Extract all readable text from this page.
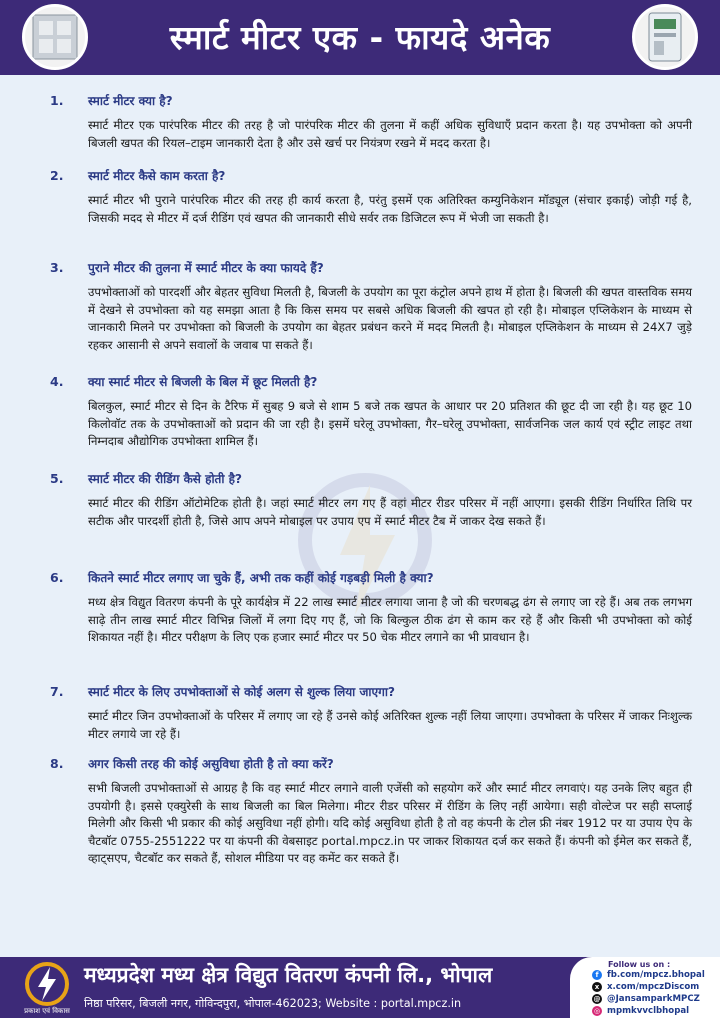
स्मार्ट मीटर एक - फायदे अनेक
1.	स्मार्ट मीटर क्या है?
स्मार्ट मीटर एक पारंपरिक मीटर की तरह है जो पारंपरिक मीटर की तुलना में कहीं अधिक सुविधाएँ प्रदान करता है। यह उपभोक्ता को अपनी बिजली खपत की रियल–टाइम जानकारी देता है और उसे खर्च पर नियंत्रण रखने में मदद करता है।
2.	स्मार्ट मीटर कैसे काम करता है?
स्मार्ट मीटर भी पुराने पारंपरिक मीटर की तरह ही कार्य करता है, परंतु इसमें एक अतिरिक्त कम्युनिकेशन मॉड्यूल (संचार इकाई) जोड़ी गई है, जिसकी मदद से मीटर में दर्ज रीडिंग एवं खपत की जानकारी सीधे सर्वर तक डिजिटल रूप में भेजी जा सकती है।
3.	पुराने मीटर की तुलना में स्मार्ट मीटर के क्या फायदे हैं?
उपभोक्ताओं को पारदर्शी और बेहतर सुविधा मिलती है, बिजली के उपयोग का पूरा कंट्रोल अपने हाथ में होता है। बिजली की खपत वास्तविक समय में देखने से उपभोक्ता को यह समझा आता है कि किस समय पर सबसे अधिक बिजली की खपत हो रही है। मोबाइल एप्लिकेशन के माध्यम से जानकारी मिलने पर उपभोक्ता को बिजली के उपयोग का बेहतर प्रबंधन करने में मदद मिलती है। मोबाइल एप्लिकेशन के माध्यम से 24X7 जुड़े रहकर आसानी से अपने सवालों के जवाब पा सकते हैं।
4.	क्या स्मार्ट मीटर से बिजली के बिल में छूट मिलती है?
बिलकुल, स्मार्ट मीटर से दिन के टैरिफ में सुबह 9 बजे से शाम 5 बजे तक खपत के आधार पर 20 प्रतिशत की छूट दी जा रही है। यह छूट 10 किलोवॉट तक के उपभोक्ताओं को प्रदान की जा रही है। इसमें घरेलू उपभोक्ता, गैर–घरेलू उपभोक्ता, सार्वजनिक जल कार्य एवं स्ट्रीट लाइट तथा निम्नदाब औद्योगिक उपभोक्ता शामिल हैं।
5.	स्मार्ट मीटर की रीडिंग कैसे होती है?
स्मार्ट मीटर की रीडिंग ऑटोमेटिक होती है। जहां स्मार्ट मीटर लग गए हैं वहां मीटर रीडर परिसर में नहीं आएगा। इसकी रीडिंग निर्धारित तिथि पर सटीक और पारदर्शी होती है, जिसे आप अपने मोबाइल पर उपाय एप में स्मार्ट मीटर टैब में जाकर देख सकते हैं।
6.	कितने स्मार्ट मीटर लगाए जा चुके हैं, अभी तक कहीं कोई गड़बड़ी मिली है क्या?
मध्य क्षेत्र विद्युत वितरण कंपनी के पूरे कार्यक्षेत्र में 22 लाख स्मार्ट मीटर लगाया जाना है जो की चरणबद्ध ढंग से लगाए जा रहे हैं। अब तक लगभग साढ़े तीन लाख स्मार्ट मीटर विभिन्न जिलों में लगा दिए गए हैं, जो कि बिल्कुल ठीक ढंग से काम कर रहे हैं और किसी भी उपभोक्ता को कोई शिकायत नहीं है। मीटर परीक्षण के लिए एक हजार स्मार्ट मीटर पर 50 चेक मीटर लगाने का भी प्रावधान है।
7.	स्मार्ट मीटर के लिए उपभोक्ताओं से कोई अलग से शुल्क लिया जाएगा?
स्मार्ट मीटर जिन उपभोक्ताओं के परिसर में लगाए जा रहे हैं उनसे कोई अतिरिक्त शुल्क नहीं लिया जाएगा। उपभोक्ता के परिसर में जाकर निःशुल्क मीटर लगाये जा रहे हैं।
8.	अगर किसी तरह की कोई असुविधा होती है तो क्या करें?
सभी बिजली उपभोक्ताओं से आग्रह है कि वह स्मार्ट मीटर लगाने वाली एजेंसी को सहयोग करें और स्मार्ट मीटर लगवाएं। यह उनके लिए बहुत ही उपयोगी है। इससे एक्युरेसी के साथ बिजली का बिल मिलेगा। मीटर रीडर परिसर में रीडिंग के लिए नहीं आयेगा। सही वोल्टेज पर सही सप्लाई मिलेगी और किसी भी प्रकार की कोई असुविधा नहीं होगी। यदि कोई असुविधा होती है तो वह कंपनी के टोल फ्री नंबर 1912 पर या उपाय ऐप के चैटबॉट 0755-2551222 पर या कंपनी की वेबसाइट portal.mpcz.in पर जाकर शिकायत दर्ज कर सकते हैं। कंपनी को ईमेल कर सकते हैं, व्हाट्सएप, चैटबॉट कर सकते हैं, सोशल मीडिया पर वह कमेंट कर सकते हैं।
प्रकाश एवं विकास
मध्यप्रदेश मध्य क्षेत्र विद्युत वितरण कंपनी लि., भोपाल
निष्ठा परिसर, बिजली नगर, गोविन्दपुरा, भोपाल-462023; Website : portal.mpcz.in
Follow us on :
f fb.com/mpcz.bhopal
x x.com/mpczDiscom
@ @JansamparkMPCZ
◎ mpmkvvclbhopal
